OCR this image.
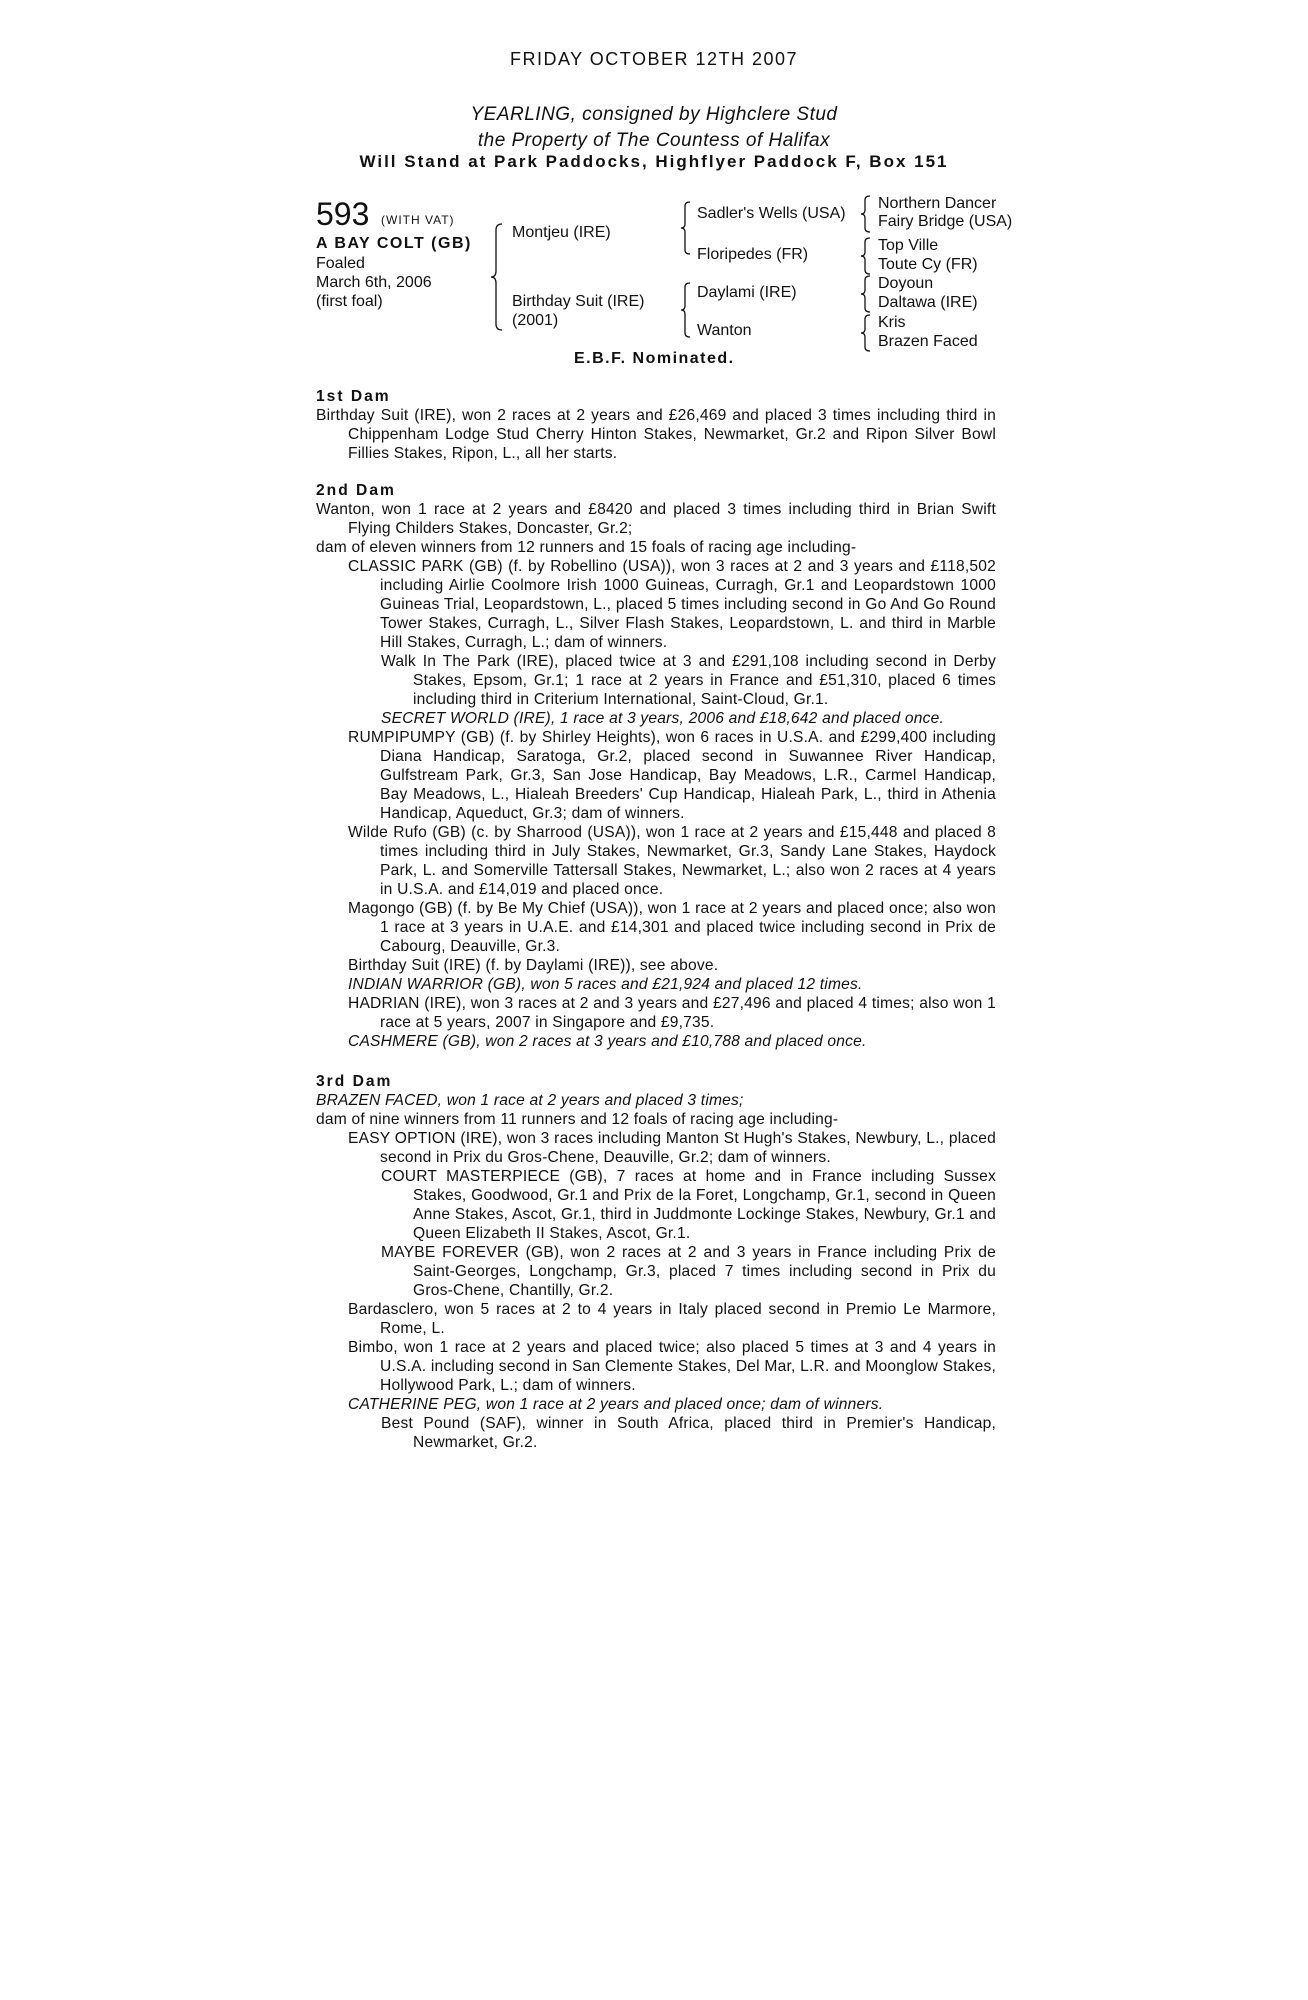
FRIDAY OCTOBER 12TH 2007
YEARLING, consigned by Highclere Stud
the Property of The Countess of Halifax
Will Stand at Park Paddocks, Highflyer Paddock F, Box 151
593 (WITH VAT)
A BAY COLT (GB)
Foaled
March 6th, 2006
(first foal)
Montjeu (IRE)
Birthday Suit (IRE)
(2001)
Sadler's Wells (USA)
Floripedes (FR)
Daylami (IRE)
Wanton
Northern Dancer
Fairy Bridge (USA)
Top Ville
Toute Cy (FR)
Doyoun
Daltawa (IRE)
Kris
Brazen Faced
E.B.F. Nominated.
1st Dam
Birthday Suit (IRE), won 2 races at 2 years and £26,469 and placed 3 times including third in Chippenham Lodge Stud Cherry Hinton Stakes, Newmarket, Gr.2 and Ripon Silver Bowl Fillies Stakes, Ripon, L., all her starts.
2nd Dam
Wanton, won 1 race at 2 years and £8420 and placed 3 times including third in Brian Swift Flying Childers Stakes, Doncaster, Gr.2;
dam of eleven winners from 12 runners and 15 foals of racing age including-
CLASSIC PARK (GB) (f. by Robellino (USA)), won 3 races at 2 and 3 years and £118,502 including Airlie Coolmore Irish 1000 Guineas, Curragh, Gr.1 and Leopardstown 1000 Guineas Trial, Leopardstown, L., placed 5 times including second in Go And Go Round Tower Stakes, Curragh, L., Silver Flash Stakes, Leopardstown, L. and third in Marble Hill Stakes, Curragh, L.; dam of winners.
Walk In The Park (IRE), placed twice at 3 and £291,108 including second in Derby Stakes, Epsom, Gr.1; 1 race at 2 years in France and £51,310, placed 6 times including third in Criterium International, Saint-Cloud, Gr.1.
SECRET WORLD (IRE), 1 race at 3 years, 2006 and £18,642 and placed once.
RUMPIPUMPY (GB) (f. by Shirley Heights), won 6 races in U.S.A. and £299,400 including Diana Handicap, Saratoga, Gr.2, placed second in Suwannee River Handicap, Gulfstream Park, Gr.3, San Jose Handicap, Bay Meadows, L.R., Carmel Handicap, Bay Meadows, L., Hialeah Breeders' Cup Handicap, Hialeah Park, L., third in Athenia Handicap, Aqueduct, Gr.3; dam of winners.
Wilde Rufo (GB) (c. by Sharrood (USA)), won 1 race at 2 years and £15,448 and placed 8 times including third in July Stakes, Newmarket, Gr.3, Sandy Lane Stakes, Haydock Park, L. and Somerville Tattersall Stakes, Newmarket, L.; also won 2 races at 4 years in U.S.A. and £14,019 and placed once.
Magongo (GB) (f. by Be My Chief (USA)), won 1 race at 2 years and placed once; also won 1 race at 3 years in U.A.E. and £14,301 and placed twice including second in Prix de Cabourg, Deauville, Gr.3.
Birthday Suit (IRE) (f. by Daylami (IRE)), see above.
INDIAN WARRIOR (GB), won 5 races and £21,924 and placed 12 times.
HADRIAN (IRE), won 3 races at 2 and 3 years and £27,496 and placed 4 times; also won 1 race at 5 years, 2007 in Singapore and £9,735.
CASHMERE (GB), won 2 races at 3 years and £10,788 and placed once.
3rd Dam
BRAZEN FACED, won 1 race at 2 years and placed 3 times;
dam of nine winners from 11 runners and 12 foals of racing age including-
EASY OPTION (IRE), won 3 races including Manton St Hugh's Stakes, Newbury, L., placed second in Prix du Gros-Chene, Deauville, Gr.2; dam of winners.
COURT MASTERPIECE (GB), 7 races at home and in France including Sussex Stakes, Goodwood, Gr.1 and Prix de la Foret, Longchamp, Gr.1, second in Queen Anne Stakes, Ascot, Gr.1, third in Juddmonte Lockinge Stakes, Newbury, Gr.1 and Queen Elizabeth II Stakes, Ascot, Gr.1.
MAYBE FOREVER (GB), won 2 races at 2 and 3 years in France including Prix de Saint-Georges, Longchamp, Gr.3, placed 7 times including second in Prix du Gros-Chene, Chantilly, Gr.2.
Bardasclero, won 5 races at 2 to 4 years in Italy placed second in Premio Le Marmore, Rome, L.
Bimbo, won 1 race at 2 years and placed twice; also placed 5 times at 3 and 4 years in U.S.A. including second in San Clemente Stakes, Del Mar, L.R. and Moonglow Stakes, Hollywood Park, L.; dam of winners.
CATHERINE PEG, won 1 race at 2 years and placed once; dam of winners.
Best Pound (SAF), winner in South Africa, placed third in Premier's Handicap, Newmarket, Gr.2.
